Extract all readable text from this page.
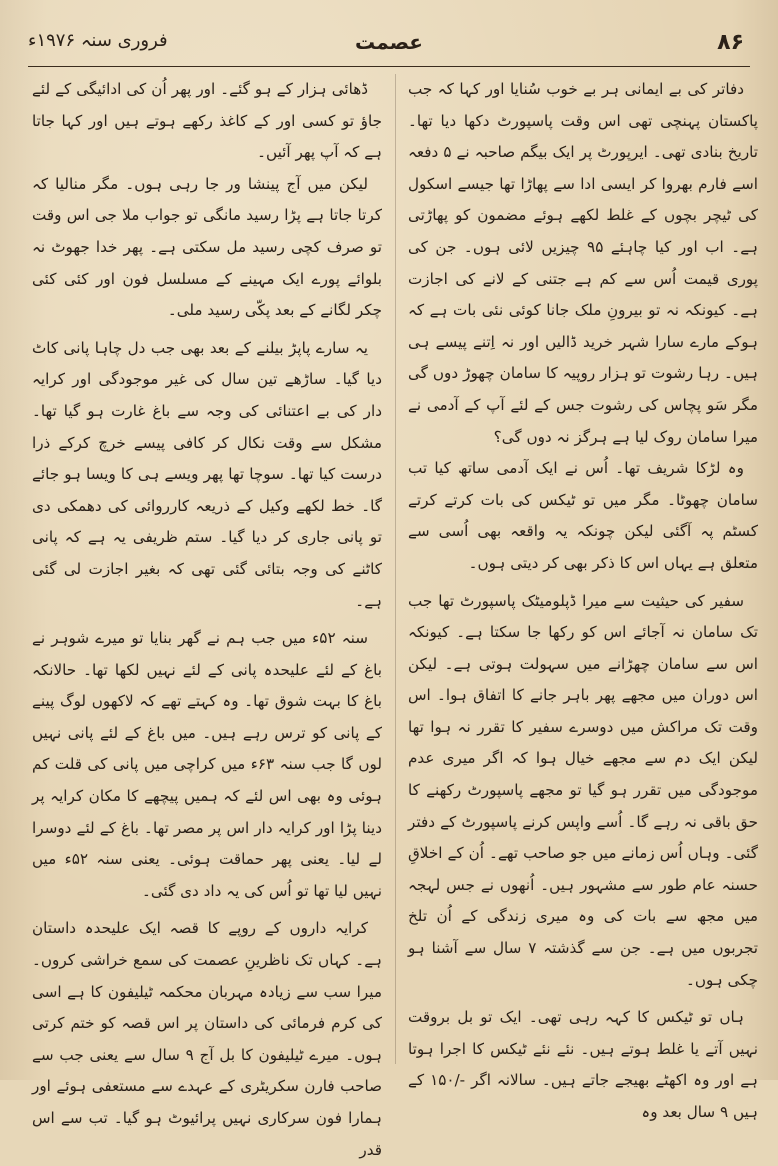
۸۶
عصمت
فروری سنہ ۱۹۷۶ء

دفاتر کی بے ایمانی ہر بے خوب سُنایا اور کہا کہ جب پاکستان پہنچی تھی اس وقت پاسپورٹ دکھا دیا تھا۔ تاریخ بنادی تھی۔ ایرپورٹ پر ایک بیگم صاحبہ نے ۵ دفعہ اسے فارم بھروا کر ایسی ادا سے پھاڑا تھا جیسے اسکول کی ٹیچر بچوں کے غلط لکھے ہوئے مضمون کو پھاڑتی ہے۔ اب اور کیا چاہئے ۹۵ چیزیں لائی ہوں۔ جن کی پوری قیمت اُس سے کم ہے جتنی کے لانے کی اجازت ہے۔ کیونکہ نہ تو بیرونِ ملک جانا کوئی نئی بات ہے کہ ہوکے مارے سارا شہر خرید ڈالیں اور نہ اِتنے پیسے ہی ہیں۔ رہا رشوت تو ہزار روپیہ کا سامان چھوڑ دوں گی مگر سَو پچاس کی رشوت جس کے لئے آپ کے آدمی نے میرا سامان روک لیا ہے ہرگز نہ دوں گی؟

وہ لڑکا شریف تھا۔ اُس نے ایک آدمی ساتھ کیا تب سامان چھوٹا۔ مگر میں تو ٹیکس کی بات کرتے کرتے کسٹم پہ آگئی لیکن چونکہ یہ واقعہ بھی اُسی سے متعلق ہے یہاں اس کا ذکر بھی کر دیتی ہوں۔

سفیر کی حیثیت سے میرا ڈپلومیٹک پاسپورٹ تھا جب تک سامان نہ آجائے اس کو رکھا جا سکتا ہے۔ کیونکہ اس سے سامان چھڑانے میں سہولت ہوتی ہے۔ لیکن اس دوران میں مجھے پھر باہر جانے کا اتفاق ہوا۔ اس وقت تک مراکش میں دوسرے سفیر کا تقرر نہ ہوا تھا لیکن ایک دم سے مجھے خیال ہوا کہ اگر میری عدم موجودگی میں تقرر ہو گیا تو مجھے پاسپورٹ رکھنے کا حق باقی نہ رہے گا۔ اُسے واپس کرنے پاسپورٹ کے دفتر گئی۔ وہاں اُس زمانے میں جو صاحب تھے۔ اُن کے اخلاقِ حسنہ عام طور سے مشہور ہیں۔ اُنھوں نے جس لہجہ میں مجھ سے بات کی وہ میری زندگی کے اُن تلخ تجربوں میں ہے۔ جن سے گذشتہ ۷ سال سے آشنا ہو چکی ہوں۔

ہاں تو ٹیکس کا کہہ رہی تھی۔ ایک تو بل بروقت نہیں آتے یا غلط ہوتے ہیں۔ نئے نئے ٹیکس کا اجرا ہوتا ہے اور وہ اکھٹے بھیجے جاتے ہیں۔ سالانہ اگر -/۱۵۰ کے ہیں ۹ سال بعد وہ

ڈھائی ہزار کے ہو گئے۔ اور پھر اُن کی ادائیگی کے لئے جاؤ تو کسی اور کے کاغذ رکھے ہوتے ہیں اور کہا جاتا ہے کہ آپ پھر آئیں۔

لیکن میں آج پینشا ور جا رہی ہوں۔ مگر منالیا کہ کرتا جاتا ہے پڑا رسید مانگی تو جواب ملا جی اس وقت تو صرف کچی رسید مل سکتی ہے۔ پھر خدا جھوٹ نہ بلوائے پورے ایک مہینے کے مسلسل فون اور کئی کئی چکر لگانے کے بعد پکّی رسید ملی۔

یہ سارے پاپڑ بیلنے کے بعد بھی جب دل چاہا پانی کاٹ دیا گیا۔ ساڑھے تین سال کی غیر موجودگی اور کرایہ دار کی بے اعتنائی کی وجہ سے باغ غارت ہو گیا تھا۔ مشکل سے وقت نکال کر کافی پیسے خرچ کرکے ذرا درست کیا تھا۔ سوچا تھا پھر ویسے ہی کا ویسا ہو جائے گا۔ خط لکھے وکیل کے ذریعہ کارروائی کی دھمکی دی تو پانی جاری کر دیا گیا۔ ستم ظریفی یہ ہے کہ پانی کاٹنے کی وجہ بتائی گئی تھی کہ بغیر اجازت لی گئی ہے۔

سنہ ۵۲ء میں جب ہم نے گھر بنایا تو میرے شوہر نے باغ کے لئے علیحدہ پانی کے لئے نہیں لکھا تھا۔ حالانکہ باغ کا بہت شوق تھا۔ وہ کہتے تھے کہ لاکھوں لوگ پینے کے پانی کو ترس رہے ہیں۔ میں باغ کے لئے پانی نہیں لوں گا جب سنہ ۶۳ء میں کراچی میں پانی کی قلت کم ہوئی وہ بھی اس لئے کہ ہمیں پیچھے کا مکان کرایہ پر دینا پڑا اور کرایہ دار اس پر مصر تھا۔ باغ کے لئے دوسرا لے لیا۔ یعنی پھر حماقت ہوئی۔ یعنی سنہ ۵۲ء میں نہیں لیا تھا تو اُس کی یہ داد دی گئی۔

کرایہ داروں کے روپے کا قصہ ایک علیحدہ داستان ہے۔ کہاں تک ناظرینِ عصمت کی سمع خراشی کروں۔ میرا سب سے زیادہ مہربان محکمہ ٹیلیفون کا ہے اسی کی کرم فرمائی کی داستان پر اس قصہ کو ختم کرتی ہوں۔ میرے ٹیلیفون کا بل آج ۹ سال سے یعنی جب سے صاحب فارن سکریٹری کے عہدے سے مستعفی ہوئے اور ہمارا فون سرکاری نہیں پرائیوٹ ہو گیا۔ تب سے اس قدر
